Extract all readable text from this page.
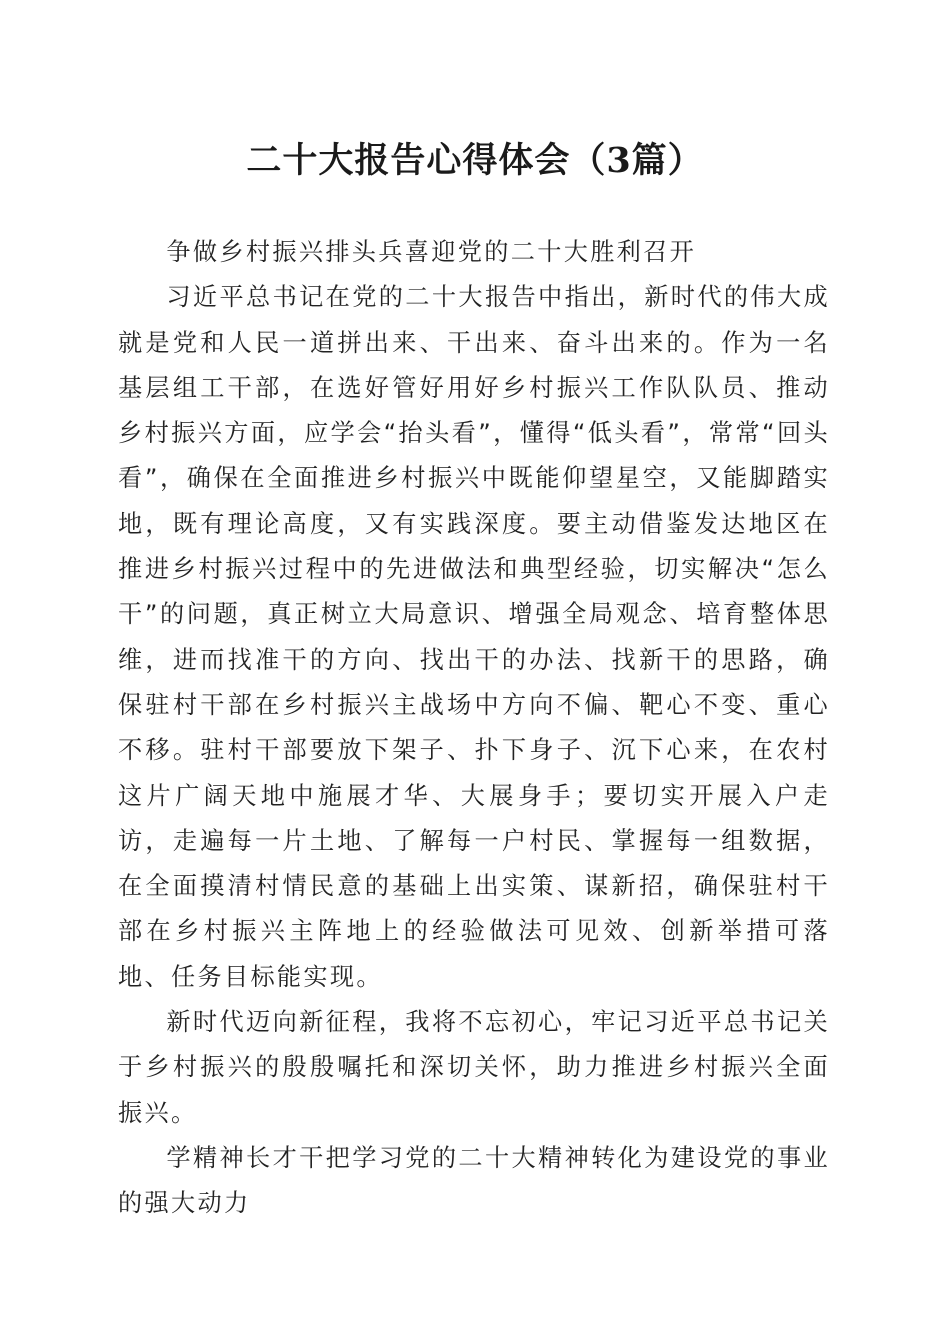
二十大报告心得体会（3篇）

争做乡村振兴排头兵喜迎党的二十大胜利召开

习近平总书记在党的二十大报告中指出，新时代的伟大成就是党和人民一道拼出来、干出来、奋斗出来的。作为一名基层组工干部，在选好管好用好乡村振兴工作队队员、推动乡村振兴方面，应学会“抬头看”，懂得“低头看”，常常“回头看”，确保在全面推进乡村振兴中既能仰望星空，又能脚踏实地，既有理论高度，又有实践深度。要主动借鉴发达地区在推进乡村振兴过程中的先进做法和典型经验，切实解决“怎么干”的问题，真正树立大局意识、增强全局观念、培育整体思维，进而找准干的方向、找出干的办法、找新干的思路，确保驻村干部在乡村振兴主战场中方向不偏、靶心不变、重心不移。驻村干部要放下架子、扑下身子、沉下心来，在农村这片广阔天地中施展才华、大展身手；要切实开展入户走访，走遍每一片土地、了解每一户村民、掌握每一组数据，在全面摸清村情民意的基础上出实策、谋新招，确保驻村干部在乡村振兴主阵地上的经验做法可见效、创新举措可落地、任务目标能实现。

新时代迈向新征程，我将不忘初心，牢记习近平总书记关于乡村振兴的殷殷嘱托和深切关怀，助力推进乡村振兴全面振兴。

学精神长才干把学习党的二十大精神转化为建设党的事业的强大动力
